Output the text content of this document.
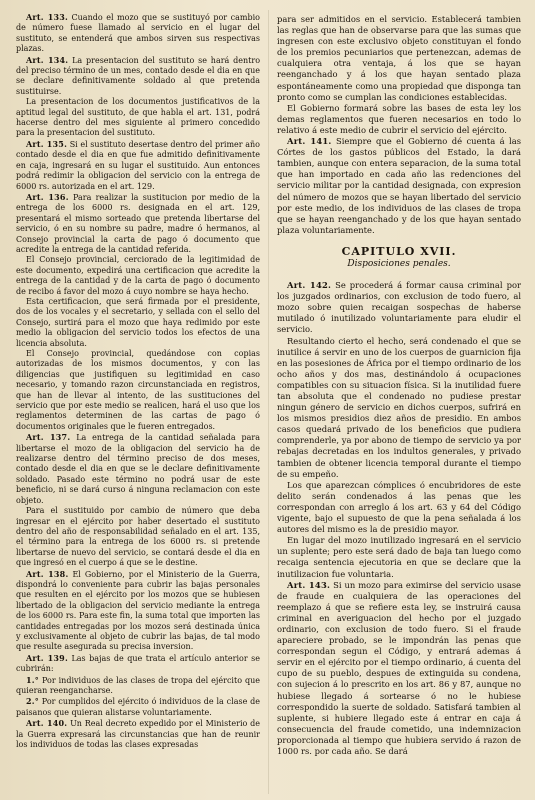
Art. 133. Cuando el mozo que se sustituyó por cambio de número fuese llamado al servicio en el lugar del sustituto, se entenderá que ambos sirven sus respectivas plazas.

Art. 134. La presentacion del sustituto se hará dentro del preciso término de un mes, contado desde el dia en que se declare definitivamente soldado al que pretenda sustituirse.

La presentacion de los documentos justificativos de la aptitud legal del sustituto, de que habla el art. 131, podrá hacerse dentro del mes siguiente al primero concedido para la presentacion del sustituto.

Art. 135. Si el sustituto desertase dentro del primer año contado desde el dia en que fue admitido definitivamente en caja, ingresará en su lugar el sustituido. Aun entonces podrá redimir la obligacion del servicio con la entrega de 6000 rs. autorizada en el art. 129.

Art. 136. Para realizar la sustitucion por medio de la entrega de los 6000 rs. designada en el art. 129, presentará el mismo sorteado que pretenda libertarse del servicio, ó en su nombre su padre, madre ó hermanos, al Consejo provincial la carta de pago ó documento que acredite la entrega de la cantidad referida.

El Consejo provincial, cerciorado de la legitimidad de este documento, expedirá una certificacion que acredite la entrega de la cantidad y de la carta de pago ó documento de recibo á favor del mozo á cuyo nombre se haya hecho.

Esta certificacion, que será firmada por el presidente, dos de los vocales y el secretario, y sellada con el sello del Consejo, surtirá para el mozo que haya redimido por este medio la obligacion del servicio todos los efectos de una licencia absoluta.

El Consejo provincial, quedándose con copias autorizadas de los mismos documentos, y con las diligencias que justifiquen su legitimidad en caso necesario, y tomando razon circunstanciada en registros, que han de llevar al intento, de las sustituciones del servicio que por este medio se realicen, hará el uso que los reglamentos determinen de las cartas de pago ó documentos originales que le fueren entregados.

Art. 137. La entrega de la cantidad señalada para libertarse el mozo de la obligacion del servicio ha de realizarse dentro del término preciso de dos meses, contado desde el dia en que se le declare definitivamente soldado. Pasado este término no podrá usar de este beneficio, ni se dará curso á ninguna reclamacion con este objeto.

Para el sustituido por cambio de número que deba ingresar en el ejército por haber desertado el sustituto dentro del año de responsabilidad señalado en el art. 135, el término para la entrega de los 6000 rs. si pretende libertarse de nuevo del servicio, se contará desde el dia en que ingresó en el cuerpo á que se le destine.

Art. 138. El Gobierno, por el Ministerio de la Guerra, dispondrá lo conveniente para cubrir las bajas personales que resulten en el ejército por los mozos que se hubiesen libertado de la obligacion del servicio mediante la entrega de los 6000 rs. Para este fin, la suma total que importen las cantidades entregadas por los mozos será destinada única y exclusivamente al objeto de cubrir las bajas, de tal modo que resulte asegurada su precisa inversion.

Art. 139. Las bajas de que trata el artículo anterior se cubrirán:

1.° Por individuos de las clases de tropa del ejército que quieran reengancharse.

2.° Por cumplidos del ejército ó individuos de la clase de paisanos que quieran alistarse voluntariamente.

Art. 140. Un Real decreto expedido por el Ministerio de la Guerra expresará las circunstancias que han de reunir los individuos de todas las clases expresadas

para ser admitidos en el servicio. Establecerá tambien las reglas que han de observarse para que las sumas que ingresen con este exclusivo objeto constituyan el fondo de los premios pecuniarios que pertenezcan, ademas de cualquiera otra ventaja, á los que se hayan reenganchado y á los que hayan sentado plaza espontáneamente como una propiedad que disponga tan pronto como se cumplan las condiciones establecidas.

El Gobierno formará sobre las bases de esta ley los demas reglamentos que fueren necesarios en todo lo relativo á este medio de cubrir el servicio del ejército.

Art. 141. Siempre que el Gobierno dé cuenta á las Córtes de los gastos públicos del Estado, la dará tambien, aunque con entera separacion, de la suma total que han importado en cada año las redenciones del servicio militar por la cantidad designada, con expresion del número de mozos que se hayan libertado del servicio por este medio, de los individuos de las clases de tropa que se hayan reenganchado y de los que hayan sentado plaza voluntariamente.

CAPITULO XVII.
Disposiciones penales.

Art. 142. Se procederá á formar causa criminal por los juzgados ordinarios, con exclusion de todo fuero, al mozo sobre quien recaigan sospechas de haberse mutilado ó inutilizado voluntariamente para eludir el servicio.

Resultando cierto el hecho, será condenado el que se inutilice á servir en uno de los cuerpos de guarnicion fija en las posesiones de África por el tiempo ordinario de los ocho años y dos mas, destinándolo á ocupaciones compatibles con su situacion física. Si la inutilidad fuere tan absoluta que el condenado no pudiese prestar ningun género de servicio en dichos cuerpos, sufrirá en los mismos presidios diez años de presidio. En ambos casos quedará privado de los beneficios que pudiera comprenderle, ya por abono de tiempo de servicio ya por rebajas decretadas en los indultos generales, y privado tambien de obtener licencia temporal durante el tiempo de su empeño.

Los que aparezcan cómplices ó encubridores de este delito serán condenados á las penas que les correspondan con arreglo á los art. 63 y 64 del Código vigente, bajo el supuesto de que la pena señalada á los autores del mismo es la de presidio mayor.

En lugar del mozo inutilizado ingresará en el servicio un suplente; pero este será dado de baja tan luego como recaiga sentencia ejecutoria en que se declare que la inutilizacion fue voluntaria.

Art. 143. Si un mozo para eximirse del servicio usase de fraude en cualquiera de las operaciones del reemplazo á que se refiere esta ley, se instruirá causa criminal en averiguacion del hecho por el juzgado ordinario, con exclusion de todo fuero. Si el fraude apareciere probado, se le impondrán las penas que correspondan segun el Código, y entrará ademas á servir en el ejército por el tiempo ordinario, á cuenta del cupo de su pueblo, despues de extinguida su condena, con sujecion á lo prescrito en los art. 86 y 87, aunque no hubiese llegado á sortearse ó no le hubiese correspondido la suerte de soldado. Satisfará tambien al suplente, si hubiere llegado este á entrar en caja á consecuencia del fraude cometido, una indemnizacion proporcionada al tiempo que hubiera servido á razon de 1000 rs. por cada año. Se dará
